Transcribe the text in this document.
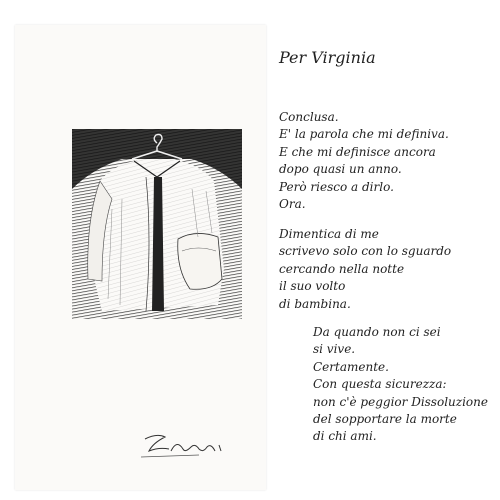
Per Virginia
Conclusa.
E' la parola che mi definiva.
E che mi definisce ancora
dopo quasi un anno.
Però riesco a dirlo.
Ora.
Dimentica di me
scrivevo solo con lo sguardo
cercando nella notte
il suo volto
di bambina.
Da quando non ci sei
si vive.
Certamente.
Con questa sicurezza:
non c'è peggior Dissoluzione
del sopportare la morte
di chi ami.
